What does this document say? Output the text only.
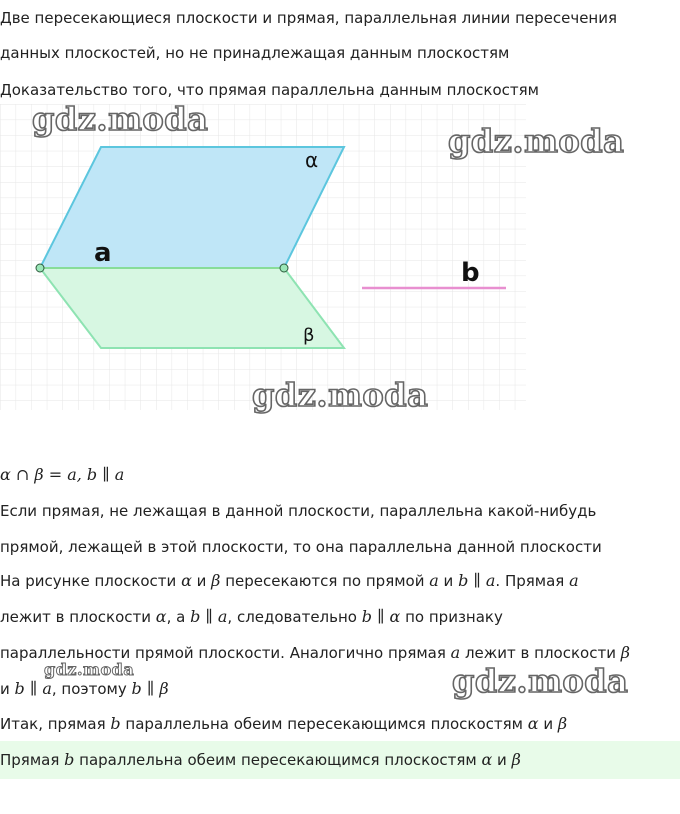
Две пересекающиеся плоскости и прямая, параллельная линии пересечения
данных плоскостей, но не принадлежащая данным плоскостям
Доказательство того, что прямая параллельна данным плоскостям
α
β
a
b
gdz.moda
gdz.moda
gdz.moda
gdz.moda
gdz.moda
α ∩ β = a, b ∥ a
Если прямая, не лежащая в данной плоскости, параллельна какой-нибудь
прямой, лежащей в этой плоскости, то она параллельна данной плоскости
На рисунке плоскости α и β пересекаются по прямой a и b ∥ a. Прямая a
лежит в плоскости α, а b ∥ a, следовательно b ∥ α по признаку
параллельности прямой плоскости. Аналогично прямая a лежит в плоскости β
и b ∥ a, поэтому b ∥ β
Итак, прямая b параллельна обеим пересекающимся плоскостям α и β
Прямая b параллельна обеим пересекающимся плоскостям α и β
